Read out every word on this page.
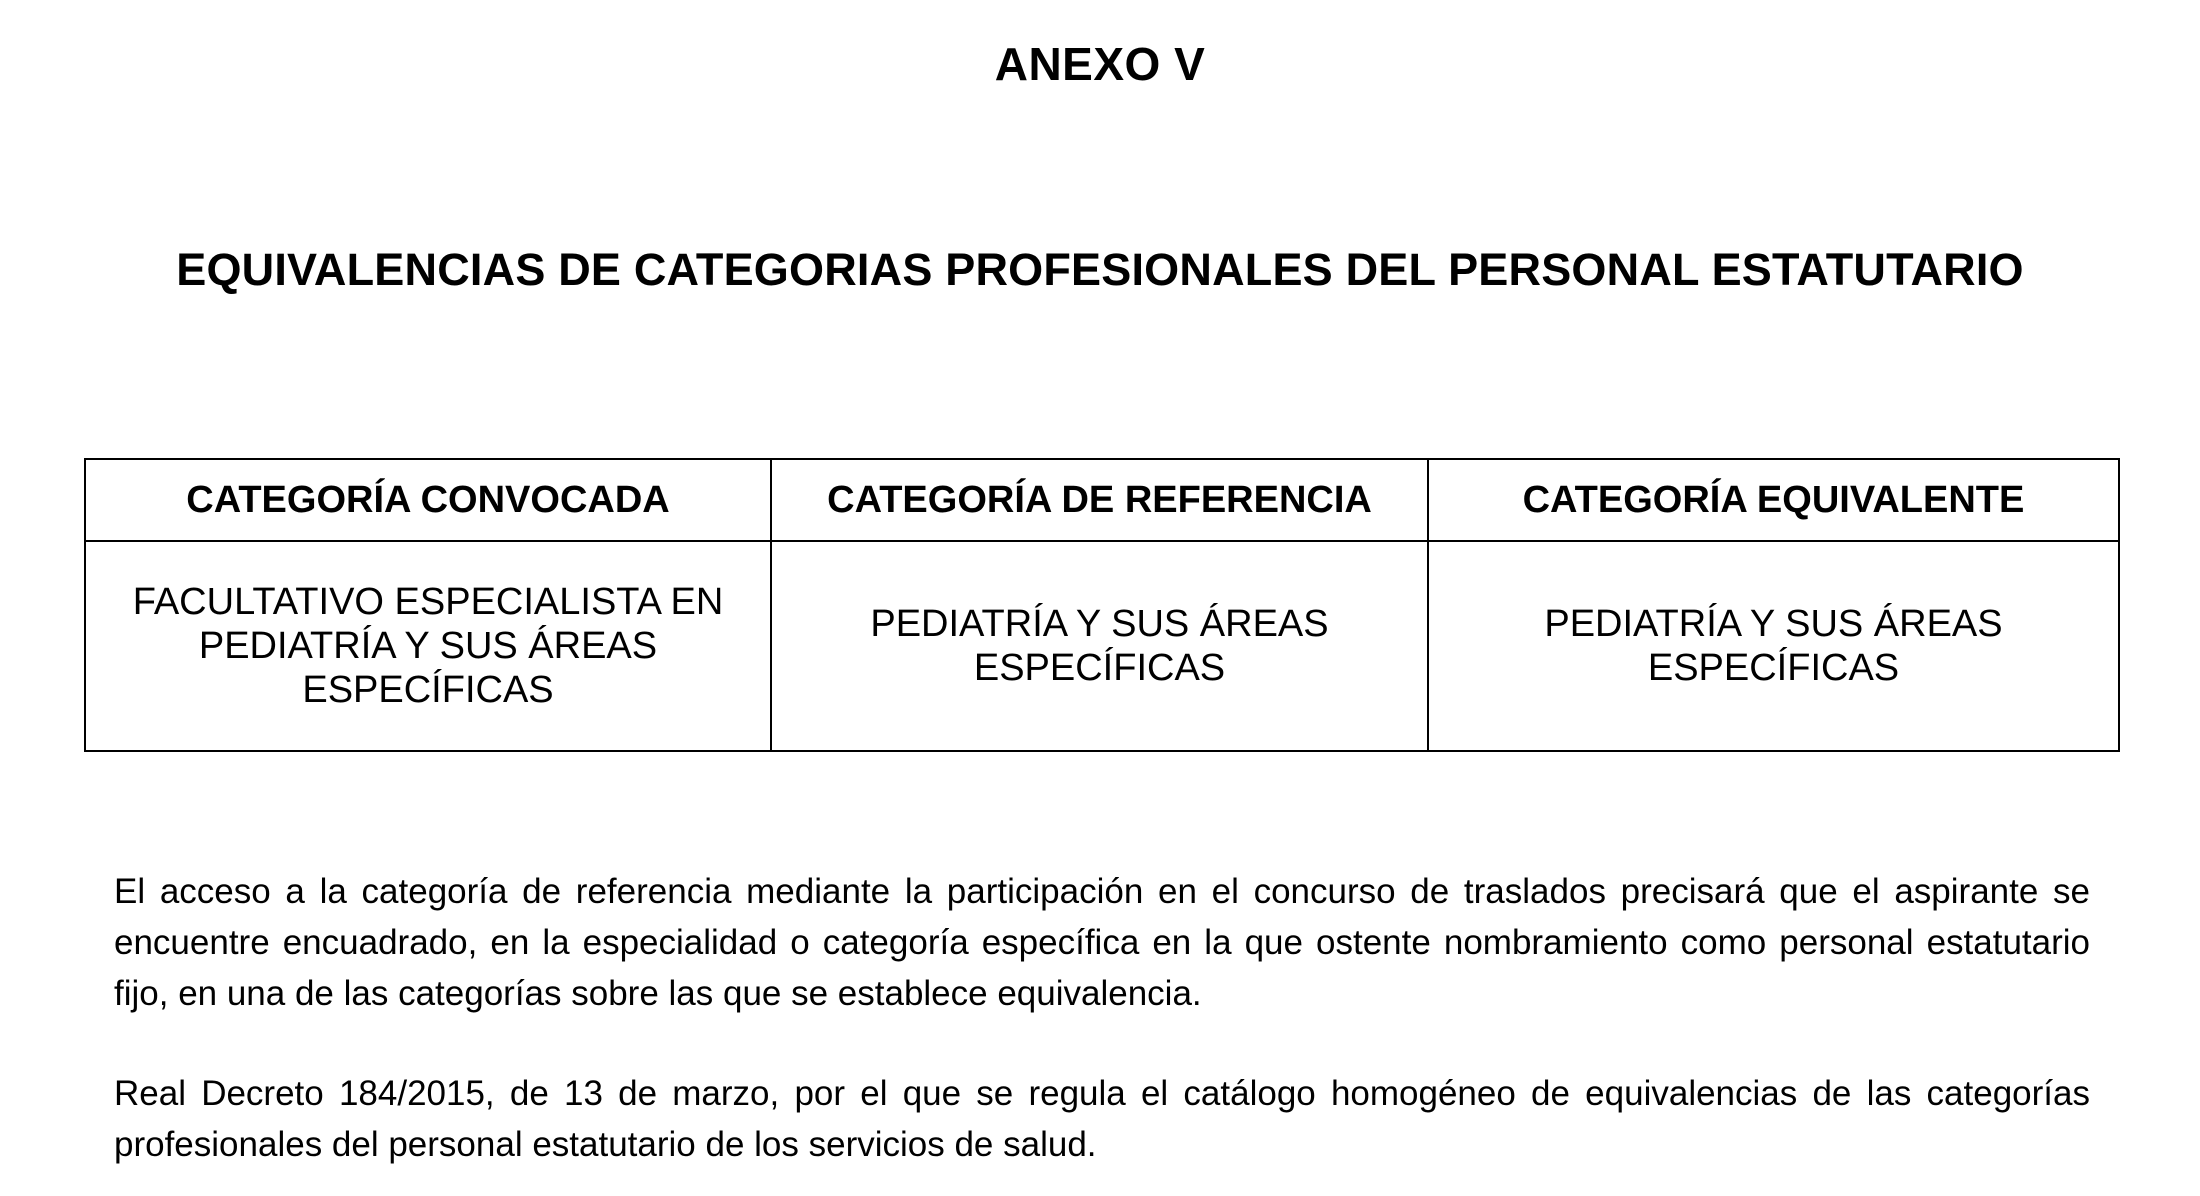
ANEXO V
EQUIVALENCIAS DE CATEGORIAS PROFESIONALES DEL PERSONAL ESTATUTARIO
CATEGORÍA CONVOCADA	CATEGORÍA DE REFERENCIA	CATEGORÍA EQUIVALENTE
FACULTATIVO ESPECIALISTA EN PEDIATRÍA Y SUS ÁREAS ESPECÍFICAS	PEDIATRÍA Y SUS ÁREAS ESPECÍFICAS	PEDIATRÍA Y SUS ÁREAS ESPECÍFICAS

El acceso a la categoría de referencia mediante la participación en el concurso de traslados precisará que el aspirante se encuentre encuadrado, en la especialidad o categoría específica en la que ostente nombramiento como personal estatutario fijo, en una de las categorías sobre las que se establece equivalencia.

Real Decreto 184/2015, de 13 de marzo, por el que se regula el catálogo homogéneo de equivalencias de las categorías profesionales del personal estatutario de los servicios de salud.
